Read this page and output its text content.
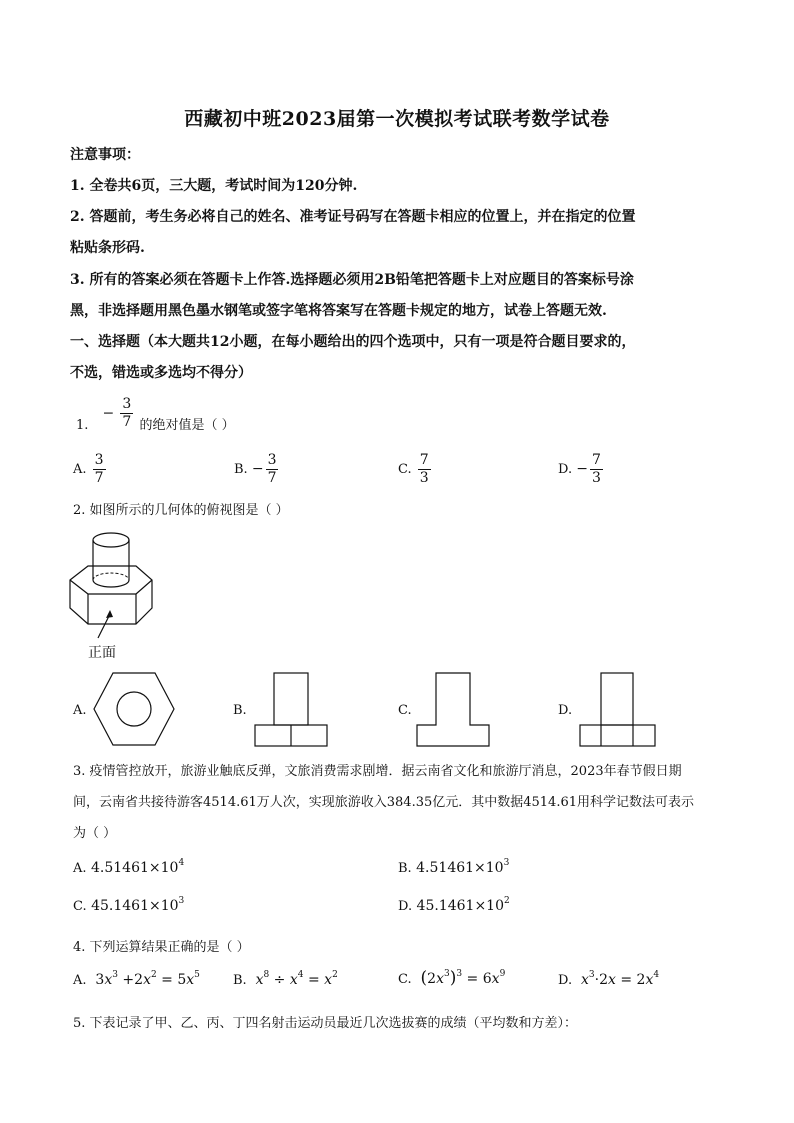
西藏初中班2023届第一次模拟考试联考数学试卷
注意事项：
1. 全卷共6页，三大题，考试时间为120分钟.
2. 答题前，考生务必将自己的姓名、准考证号码写在答题卡相应的位置上，并在指定的位置
粘贴条形码.
3. 所有的答案必须在答题卡上作答.选择题必须用2B铅笔把答题卡上对应题目的答案标号涂
黑，非选择题用黑色墨水钢笔或签字笔将答案写在答题卡规定的地方，试卷上答题无效.
一、选择题（本大题共12小题，在每小题给出的四个选项中，只有一项是符合题目要求的，
不选，错选或多选均不得分）
1. − $\frac{3}{7}$ 的绝对值是（ ）
A. $\frac{3}{7}$	B. − $\frac{3}{7}$	C. $\frac{7}{3}$	D. − $\frac{7}{3}$
2. 如图所示的几何体的俯视图是（ ）
正面
A.	B.	C.	D.
3. 疫情管控放开，旅游业触底反弹，文旅消费需求剧增．据云南省文化和旅游厅消息，2023年春节假日期
间，云南省共接待游客4514.61万人次，实现旅游收入384.35亿元．其中数据4514.61用科学记数法可表示
为（ ）
A. $4.51461\times 10^4$	B. $4.51461\times 10^3$
C. $45.1461\times 10^3$	D. $45.1461\times 10^2$
4. 下列运算结果正确的是（ ）
A.  $3x^3 +2x^2 = 5x^5$	B. $x^8 \div x^4 = x^2$	C. $(2x^3)^3 = 6x^9$	D. $x^3\cdot 2x = 2x^4$
5. 下表记录了甲、乙、丙、丁四名射击运动员最近几次选拔赛的成绩（平均数和方差）：
